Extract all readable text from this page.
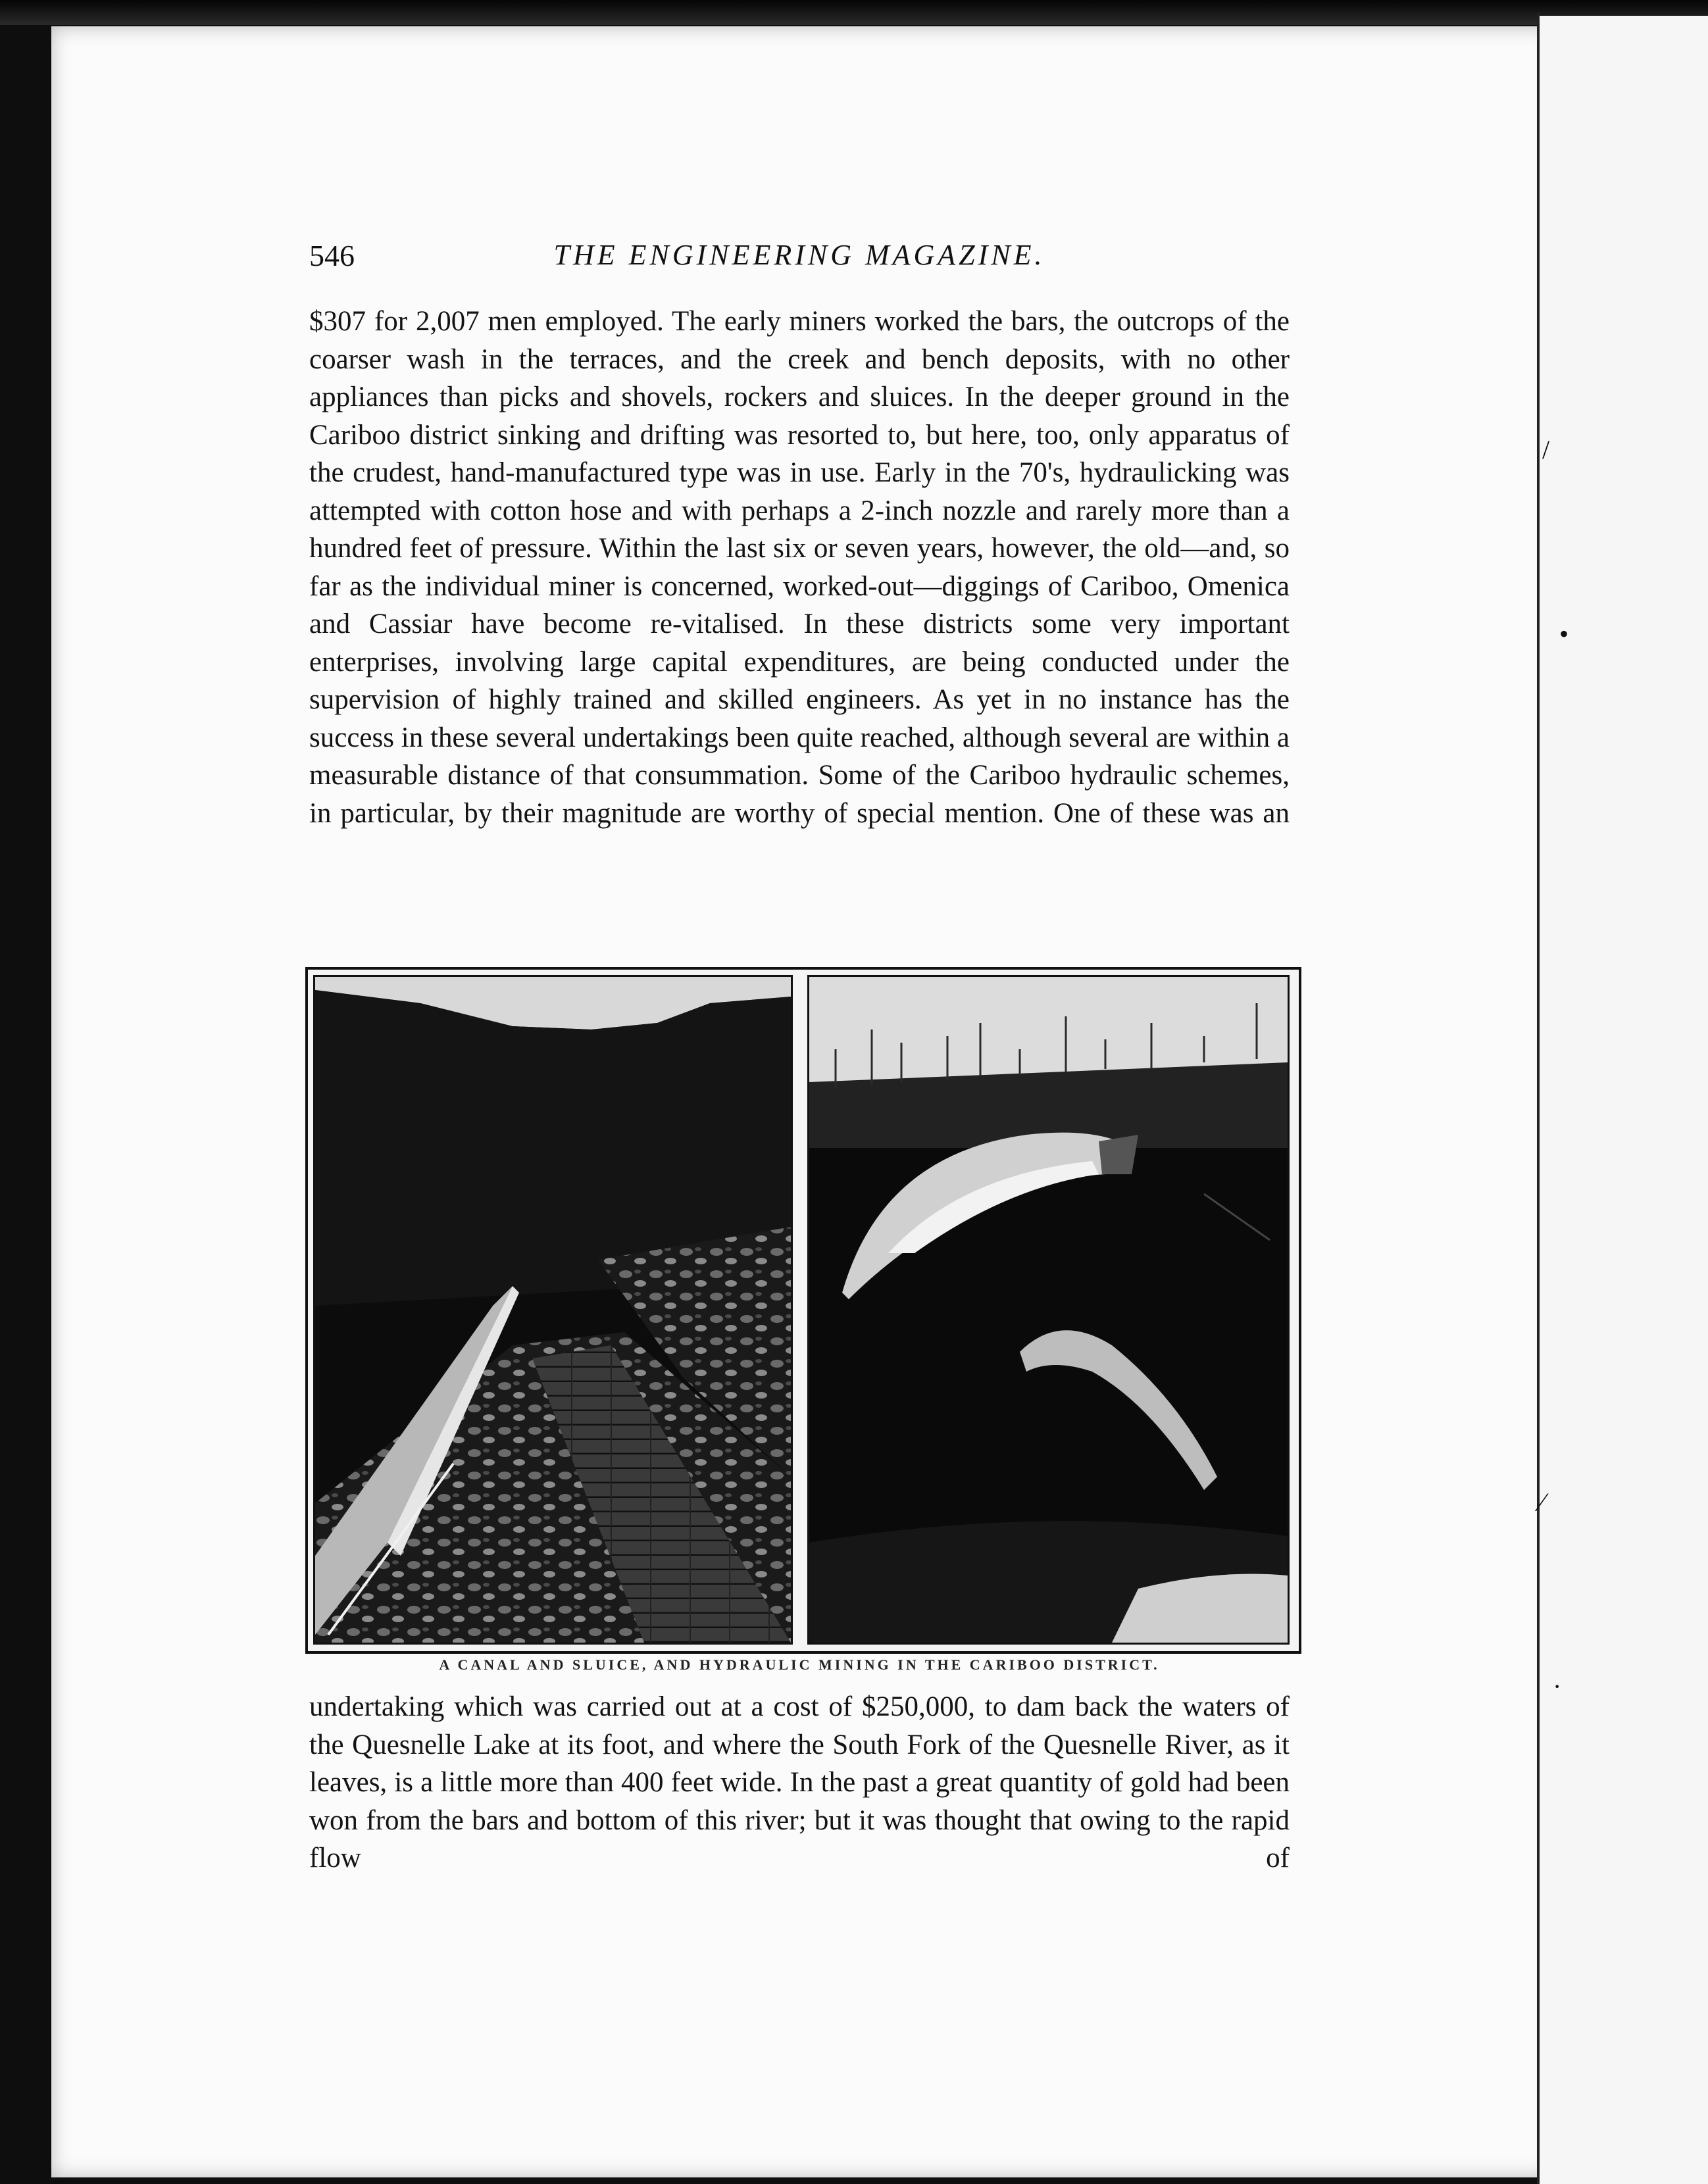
/
•
⁄
·
546	THE ENGINEERING MAGAZINE.

$307 for 2,007 men employed. The early miners worked the bars, the outcrops of the coarser wash in the terraces, and the creek and bench deposits, with no other appliances than picks and shovels, rockers and sluices. In the deeper ground in the Cariboo district sinking and drifting was resorted to, but here, too, only apparatus of the crudest, hand-manufactured type was in use. Early in the 70's, hydraulicking was attempted with cotton hose and with perhaps a 2-inch nozzle and rarely more than a hundred feet of pressure. Within the last six or seven years, however, the old—and, so far as the individual miner is concerned, worked-out—diggings of Cariboo, Omenica and Cassiar have become re-vitalised. In these districts some very important enterprises, involving large capital expenditures, are being conducted under the supervision of highly trained and skilled engineers. As yet in no instance has the success in these several undertakings been quite reached, although several are within a measurable distance of that consummation. Some of the Cariboo hydraulic schemes, in particular, by their magnitude are worthy of special mention. One of these was an

A CANAL AND SLUICE, AND HYDRAULIC MINING IN THE CARIBOO DISTRICT.

undertaking which was carried out at a cost of $250,000, to dam back the waters of the Quesnelle Lake at its foot, and where the South Fork of the Quesnelle River, as it leaves, is a little more than 400 feet wide. In the past a great quantity of gold had been won from the bars and bottom of this river; but it was thought that owing to the rapid flow of
